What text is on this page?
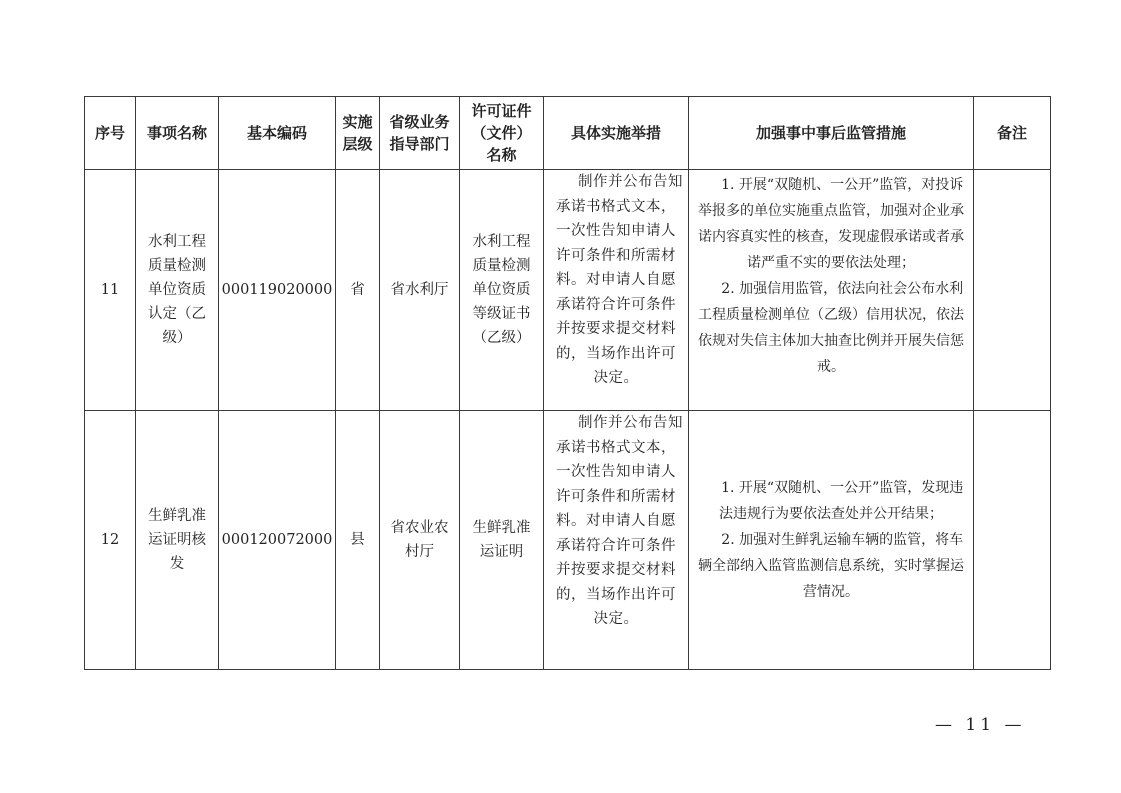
序号	事项名称	基本编码	实施层级	省级业务指导部门	许可证件（文件）名称	具体实施举措	加强事中事后监管措施	备注
11	水利工程质量检测单位资质认定（乙级）	000119020000	省	省水利厅	水利工程质量检测单位资质等级证书（乙级）	制作并公布告知承诺书格式文本，一次性告知申请人许可条件和所需材料。对申请人自愿承诺符合许可条件并按要求提交材料的，当场作出许可决定。	1. 开展“双随机、一公开”监管，对投诉举报多的单位实施重点监管，加强对企业承诺内容真实性的核查，发现虚假承诺或者承诺严重不实的要依法处理；

2. 加强信用监管，依法向社会公布水利工程质量检测单位（乙级）信用状况，依法依规对失信主体加大抽查比例并开展失信惩戒。	

12	生鲜乳准运证明核发	000120072000	县	省农业农村厅	生鲜乳准运证明	制作并公布告知承诺书格式文本，一次性告知申请人许可条件和所需材料。对申请人自愿承诺符合许可条件并按要求提交材料的，当场作出许可决定。	1. 开展“双随机、一公开”监管，发现违法违规行为要依法查处并公开结果；

2. 加强对生鲜乳运输车辆的监管，将车辆全部纳入监管监测信息系统，实时掌握运营情况。	

— 11 —
